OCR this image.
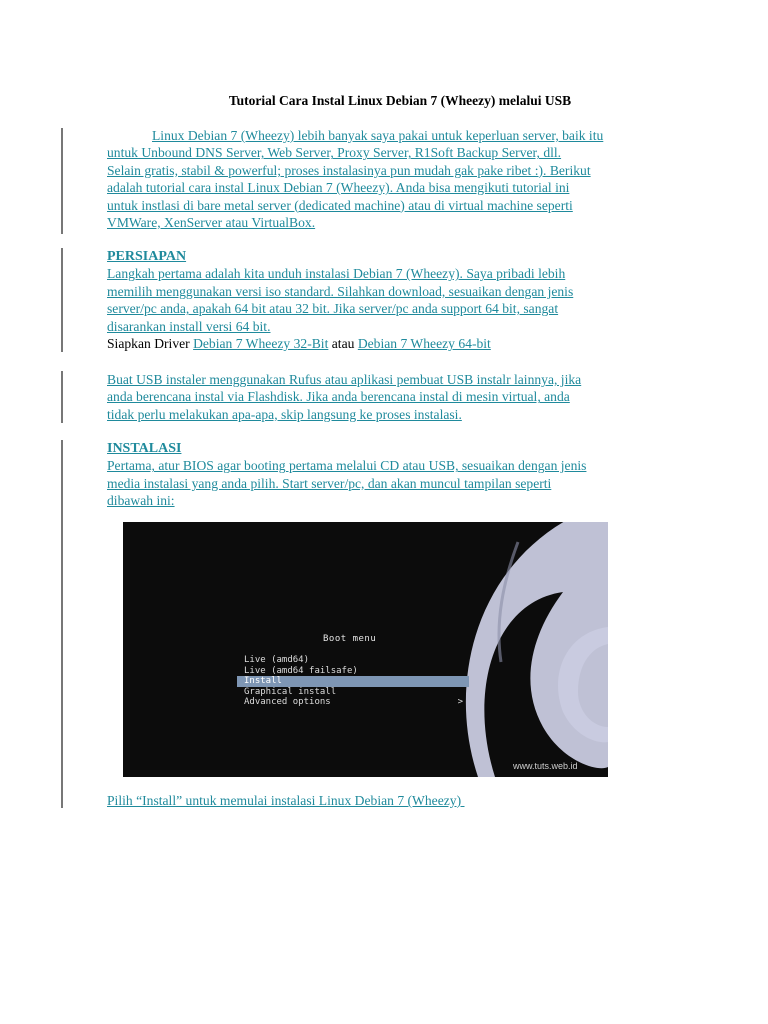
Tutorial Cara Instal Linux Debian 7 (Wheezy) melalui USB
Linux Debian 7 (Wheezy) lebih banyak saya pakai untuk keperluan server, baik itu
untuk Unbound DNS Server, Web Server, Proxy Server, R1Soft Backup Server, dll.
Selain gratis, stabil & powerful; proses instalasinya pun mudah gak pake ribet :). Berikut
adalah tutorial cara instal Linux Debian 7 (Wheezy). Anda bisa mengikuti tutorial ini
untuk instlasi di bare metal server (dedicated machine) atau di virtual machine seperti
VMWare, XenServer atau VirtualBox.
PERSIAPAN
Langkah pertama adalah kita unduh instalasi Debian 7 (Wheezy). Saya pribadi lebih
memilih menggunakan versi iso standard. Silahkan download, sesuaikan dengan jenis
server/pc anda, apakah 64 bit atau 32 bit. Jika server/pc anda support 64 bit, sangat
disarankan install versi 64 bit.
Siapkan Driver Debian 7 Wheezy 32-Bit atau Debian 7 Wheezy 64-bit
Buat USB instaler menggunakan Rufus atau aplikasi pembuat USB instalr lainnya, jika
anda berencana instal via Flashdisk. Jika anda berencana instal di mesin virtual, anda
tidak perlu melakukan apa-apa, skip langsung ke proses instalasi.
INSTALASI
Pertama, atur BIOS agar booting pertama melalui CD atau USB, sesuaikan dengan jenis
media instalasi yang anda pilih. Start server/pc, dan akan muncul tampilan seperti
dibawah ini:
Boot menu
Live (amd64)
Live (amd64 failsafe)
Install
Graphical install
Advanced options	>
www.tuts.web.id
Pilih “Install” untuk memulai instalasi Linux Debian 7 (Wheezy)
